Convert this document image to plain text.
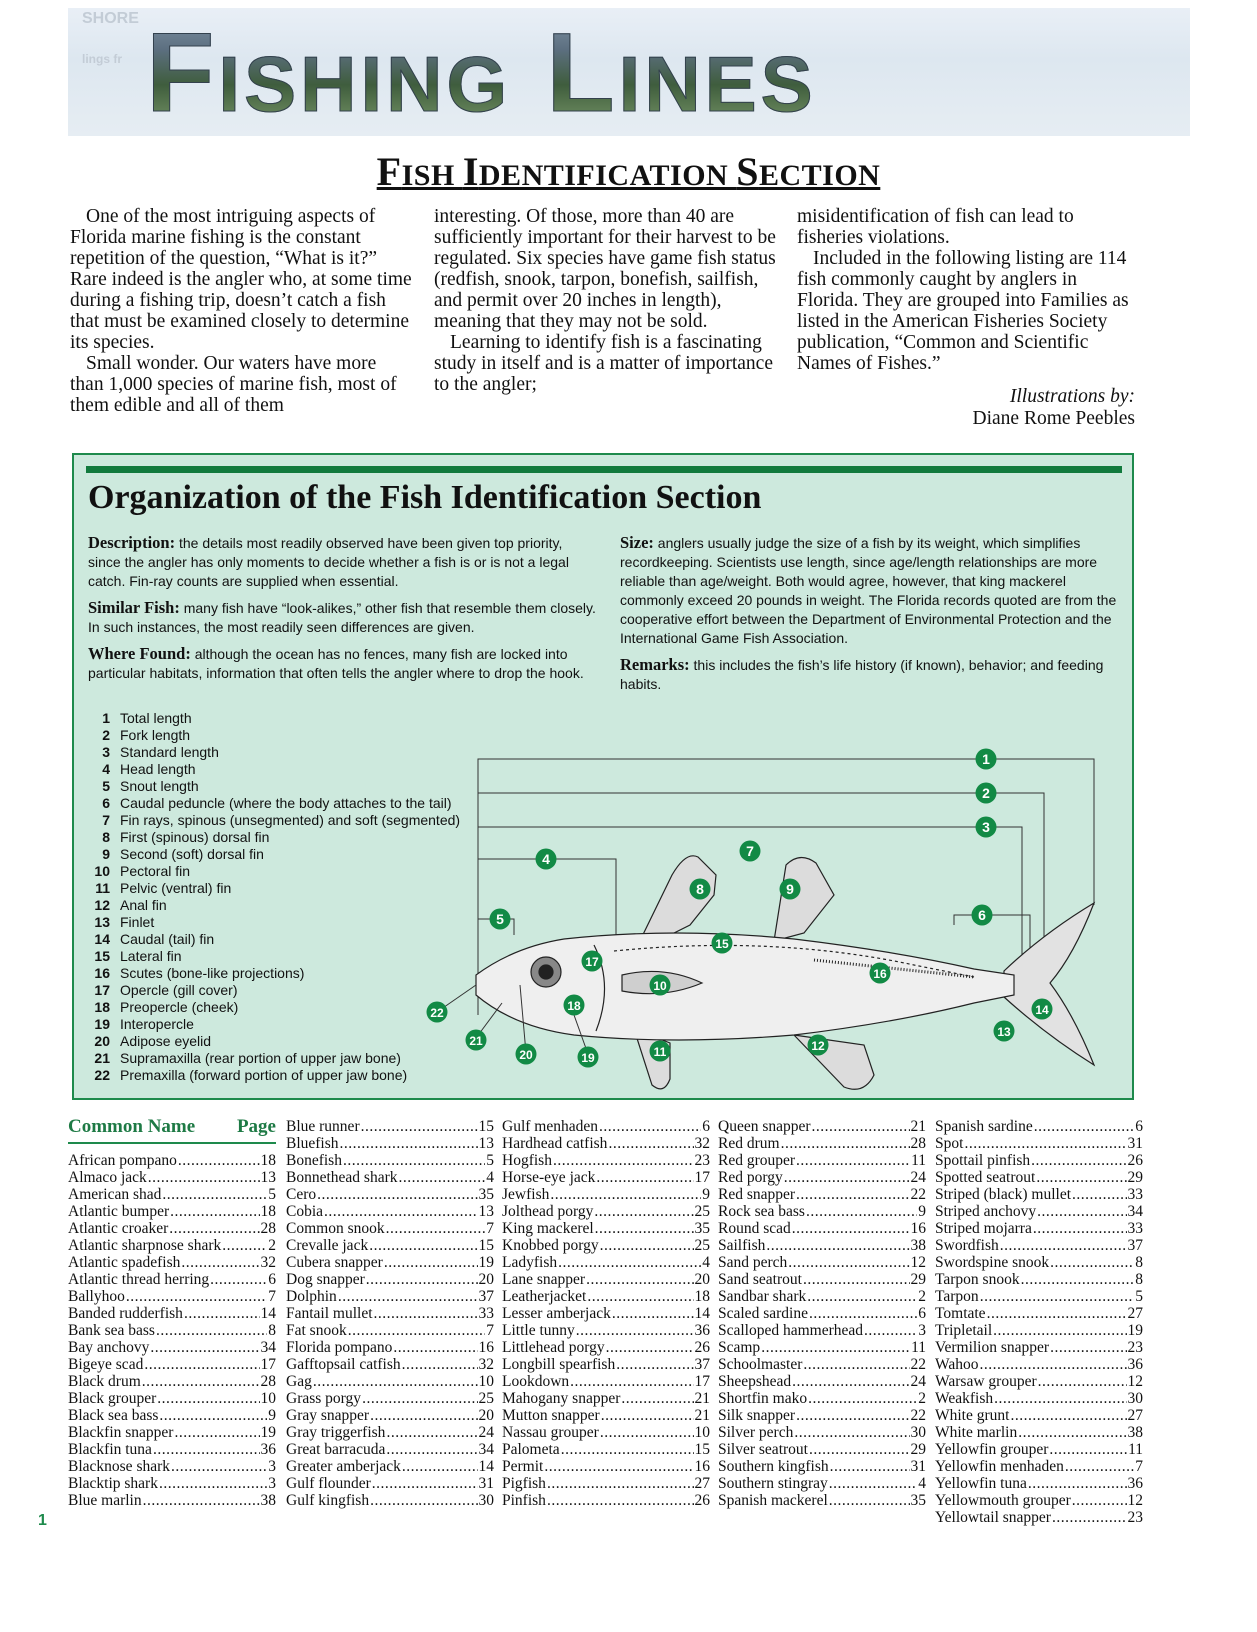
SHORE
lings fr Fishing Lines
FISH IDENTIFICATION SECTION

One of the most intriguing aspects of Florida marine fishing is the constant repetition of the question, “What is it?” Rare indeed is the angler who, at some time during a fishing trip, doesn’t catch a fish that must be examined closely to determine its species.

Small wonder. Our waters have more than 1,000 species of marine fish, most of them edible and all of them

interesting. Of those, more than 40 are sufficiently important for their harvest to be regulated. Six species have game fish status (redfish, snook, tarpon, bonefish, sailfish, and permit over 20 inches in length), meaning that they may not be sold.

Learning to identify fish is a fascinating study in itself and is a matter of importance to the angler;

misidentification of fish can lead to fisheries violations.

Included in the following listing are 114 fish commonly caught by anglers in Florida. They are grouped into Families as listed in the American Fisheries Society publication, “Common and Scientific Names of Fishes.”

Illustrations by:
Diane Rome Peebles
Organization of the Fish Identification Section

Description: the details most readily observed have been given top priority, since the angler has only moments to decide whether a fish is or is not a legal catch. Fin-ray counts are supplied when essential.

Similar Fish: many fish have “look-alikes,” other fish that resemble them closely. In such instances, the most readily seen differences are given.

Where Found: although the ocean has no fences, many fish are locked into particular habitats, information that often tells the angler where to drop the hook.

Size: anglers usually judge the size of a fish by its weight, which simplifies recordkeeping. Scientists use length, since age/length relationships are more reliable than age/weight. Both would agree, however, that king mackerel commonly exceed 20 pounds in weight. The Florida records quoted are from the cooperative effort between the Department of Environmental Protection and the International Game Fish Association.

Remarks: this includes the fish’s life history (if known), behavior; and feeding habits.

1 Total length
2 Fork length
3 Standard length
4 Head length
5 Snout length
6 Caudal peduncle (where the body attaches to the tail)
7 Fin rays, spinous (unsegmented) and soft (segmented)
8 First (spinous) dorsal fin
9 Second (soft) dorsal fin
10 Pectoral fin
11 Pelvic (ventral) fin
12 Anal fin
13 Finlet
14 Caudal (tail) fin
15 Lateral fin
16 Scutes (bone-like projections)
17 Opercle (gill cover)
18 Preopercle (cheek)
19 Interopercle
20 Adipose eyelid
21 Supramaxilla (rear portion of upper jaw bone)
22 Premaxilla (forward portion of upper jaw bone)
1
2
3
4
5	6
7
8	9
10
11	12
13
14
15
16
17
18
19
20
21
22
Common Name Page
African pompano .....	18
Almaco jack .....	13
American shad .....	5
Atlantic bumper .....	18
Atlantic croaker .....	28
Atlantic sharpnose shark .....	2
Atlantic spadefish .....	32
Atlantic thread herring .....	6
Ballyhoo .....	7
Banded rudderfish .....	14
Bank sea bass .....	8
Bay anchovy .....	34
Bigeye scad .....	17
Black drum .....	28
Black grouper .....	10
Black sea bass .....	9
Blackfin snapper .....	19
Blackfin tuna .....	36
Blacknose shark .....	3
Blacktip shark .....	3
Blue marlin .....	38
Blue runner .....	15
Bluefish .....	13
Bonefish .....	5
Bonnethead shark .....	4
Cero .....	35
Cobia .....	13
Common snook .....	7
Crevalle jack .....	15
Cubera snapper .....	19
Dog snapper .....	20
Dolphin .....	37
Fantail mullet .....	33
Fat snook .....	7
Florida pompano .....	16
Gafftopsail catfish .....	32
Gag .....	10
Grass porgy .....	25
Gray snapper .....	20
Gray triggerfish .....	24
Great barracuda .....	34
Greater amberjack .....	14
Gulf flounder .....	31
Gulf kingfish .....	30
Gulf menhaden .....	6
Hardhead catfish .....	32
Hogfish .....	23
Horse-eye jack .....	17
Jewfish .....	9
Jolthead porgy .....	25
King mackerel .....	35
Knobbed porgy .....	25
Ladyfish .....	4
Lane snapper .....	20
Leatherjacket .....	18
Lesser amberjack .....	14
Little tunny .....	36
Littlehead porgy .....	26
Longbill spearfish .....	37
Lookdown .....	17
Mahogany snapper .....	21
Mutton snapper .....	21
Nassau grouper .....	10
Palometa .....	15
Permit .....	16
Pigfish .....	27
Pinfish .....	26
Queen snapper .....	21
Red drum .....	28
Red grouper .....	11
Red porgy .....	24
Red snapper .....	22
Rock sea bass .....	9
Round scad .....	16
Sailfish .....	38
Sand perch .....	12
Sand seatrout .....	29
Sandbar shark .....	2
Scaled sardine .....	6
Scalloped hammerhead .....	3
Scamp .....	11
Schoolmaster .....	22
Sheepshead .....	24
Shortfin mako .....	2
Silk snapper .....	22
Silver perch .....	30
Silver seatrout .....	29
Southern kingfish .....	31
Southern stingray .....	4
Spanish mackerel .....	35
Spanish sardine .....	6
Spot .....	31
Spottail pinfish .....	26
Spotted seatrout .....	29
Striped (black) mullet .....	33
Striped anchovy .....	34
Striped mojarra .....	33
Swordfish .....	37
Swordspine snook .....	8
Tarpon snook .....	8
Tarpon .....	5
Tomtate .....	27
Tripletail .....	19
Vermilion snapper .....	23
Wahoo .....	36
Warsaw grouper .....	12
Weakfish .....	30
White grunt .....	27
White marlin .....	38
Yellowfin grouper .....	11
Yellowfin menhaden .....	7
Yellowfin tuna .....	36
Yellowmouth grouper .....	12
Yellowtail snapper .....	23
1
